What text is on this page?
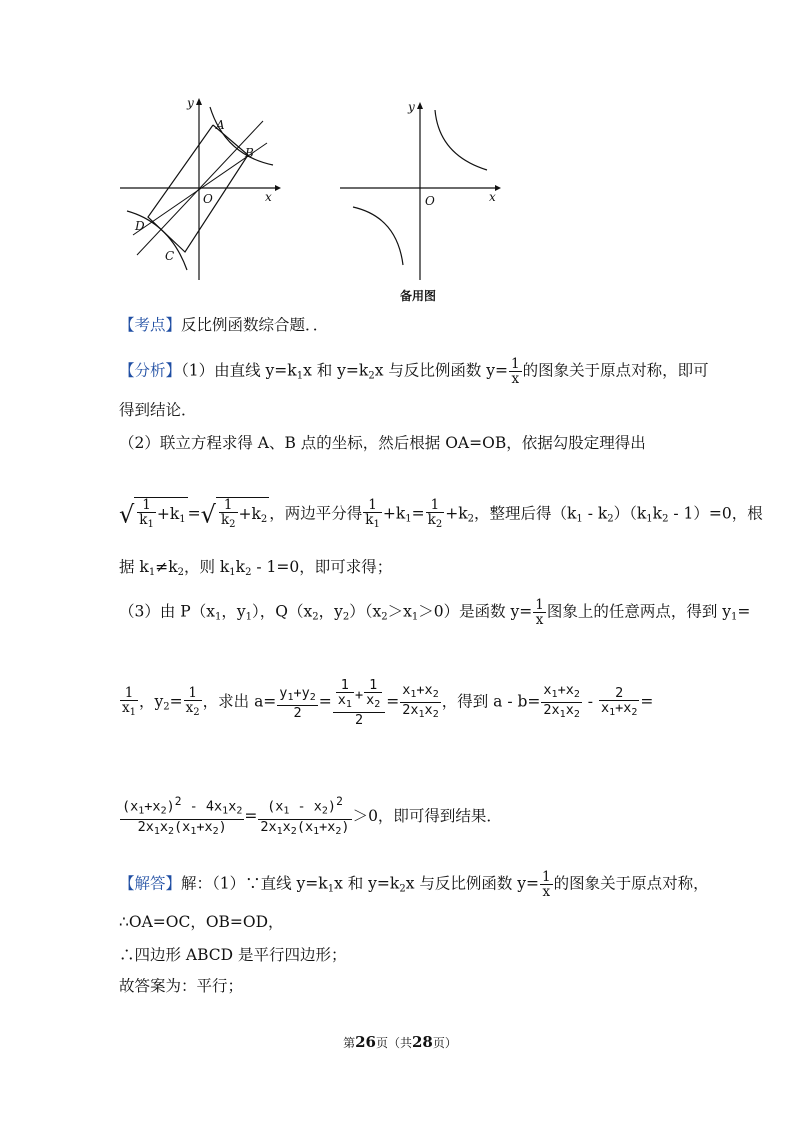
y
x
O
A
B
C
D
y
x
O
备用图
【考点】反比例函数综合题．．
【分析】（1）由直线 $y=k_1x$ 和 $y=k_2x$ 与反比例函数 $y= \frac{1}{x}$ 的图象关于原点对称，即可
得到结论．
（2）联立方程求得 A、B 点的坐标，然后根据 OA=OB，依据勾股定理得出
√ $\frac{1}{k_1} +k_1$ =√ $\frac{1}{k_2} +k_2$ ，两边平分得 $\frac{1}{k_1} +k_1= \frac{1}{k_2} +k_2$，整理后得$(k_1 - k_2)(k_1k_2 - 1)=0$，根
据 $k_1\ne k_2$，则 $k_1k_2 - 1=0$，即可求得；
（3）由 $P(x_1$，$y_1$），$Q(x_2$，$y_2)(x_2>x_1>0)$是函数 $y= \frac{1}{x}$ 图象上的任意两点，得到 $y_1=$
$\frac{1}{x_1}$ ，$y_2= \frac{1}{x_2}$ ，求出 $a= \frac{y_1+y_2}{2} = \frac{\frac{1}{x_1} + \frac{1}{x_2}}{2} = \frac{x_1+x_2}{2x_1x_2}$ ，得到 $a - b= \frac{x_1+x_2}{2x_1x_2} - \frac{2}{x_1+x_2}$ =
$\frac{(x_1+x_2)^2 - 4x_1x_2}{2x_1x_2(x_1+x_2)} = \frac{(x_1 - x_2)^2}{2x_1x_2(x_1+x_2)} >0$，即可得到结果．
【解答】解：（1）∵直线 $y=k_1x$ 和 $y=k_2x$ 与反比例函数 $y= \frac{1}{x}$ 的图象关于原点对称，
∴OA=OC，OB=OD，
∴四边形 ABCD 是平行四边形；
故答案为：平行；
第26页（共28页）
